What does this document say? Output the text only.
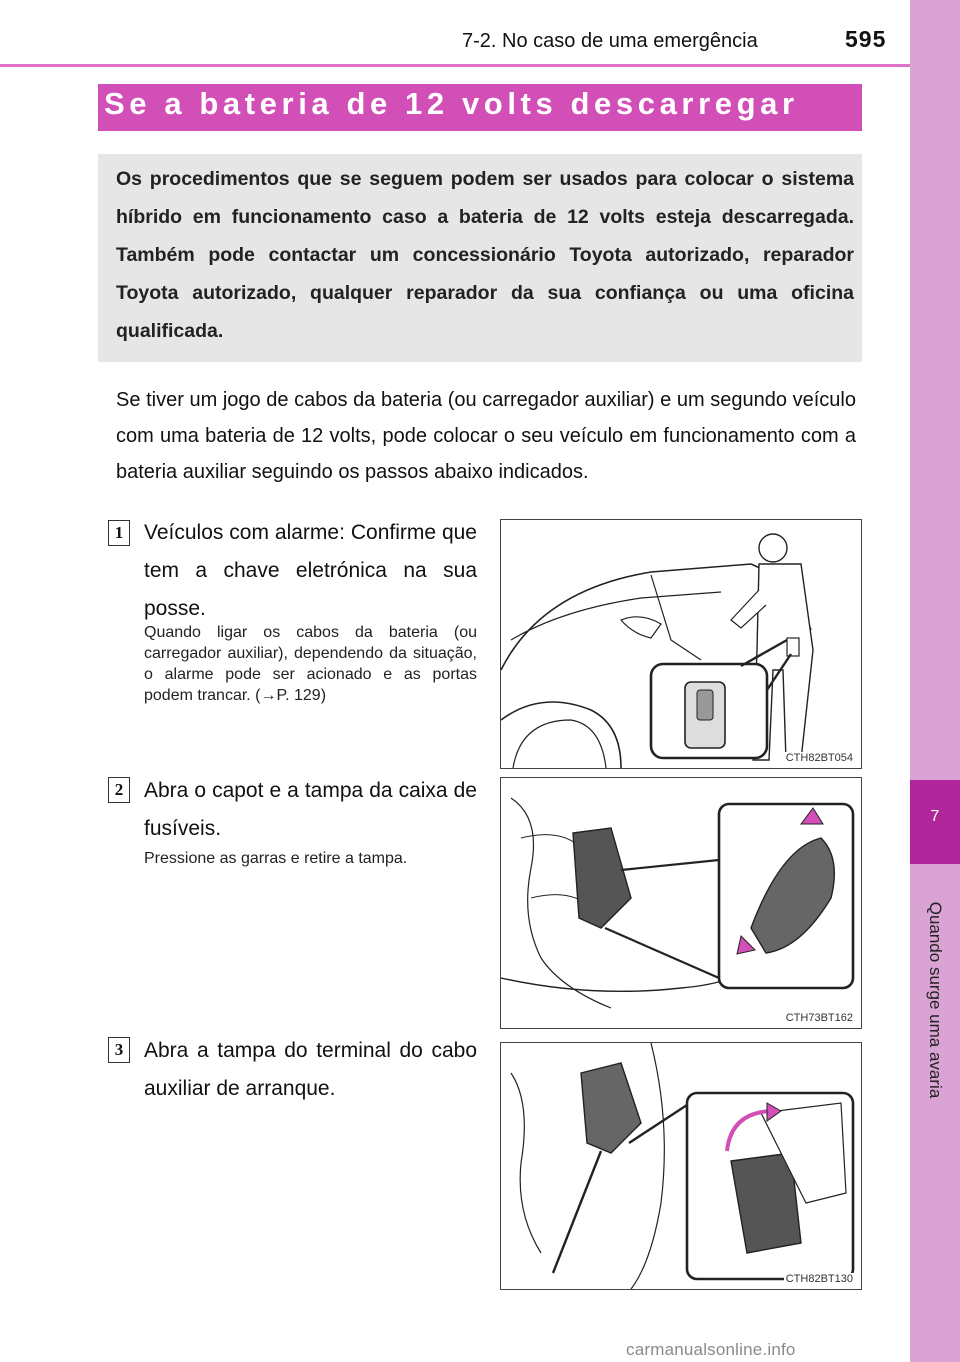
7-2. No caso de uma emergência	595
7
Quando surge uma avaria
Se a bateria de 12 volts descarregar
Os procedimentos que se seguem podem ser usados para colocar o sistema híbrido em funcionamento caso a bateria de 12 volts esteja descarregada. Também pode contactar um concessionário Toyota autorizado, reparador Toyota autorizado, qualquer reparador da sua confiança ou uma oficina qualificada.
Se tiver um jogo de cabos da bateria (ou carregador auxiliar) e um segundo veículo com uma bateria de 12 volts, pode colocar o seu veículo em funcionamento com a bateria auxiliar seguindo os passos abaixo indicados.
1 Veículos com alarme: Confirme que tem a chave eletrónica na sua posse.
Quando ligar os cabos da bateria (ou carregador auxiliar), dependendo da situação, o alarme pode ser acionado e as portas podem trancar. (→P. 129)
CTH82BT054
2 Abra o capot e a tampa da caixa de fusíveis.
Pressione as garras e retire a tampa.
CTH73BT162
3 Abra a tampa do terminal do cabo auxiliar de arranque.
CTH82BT130
carmanualsonline.info
